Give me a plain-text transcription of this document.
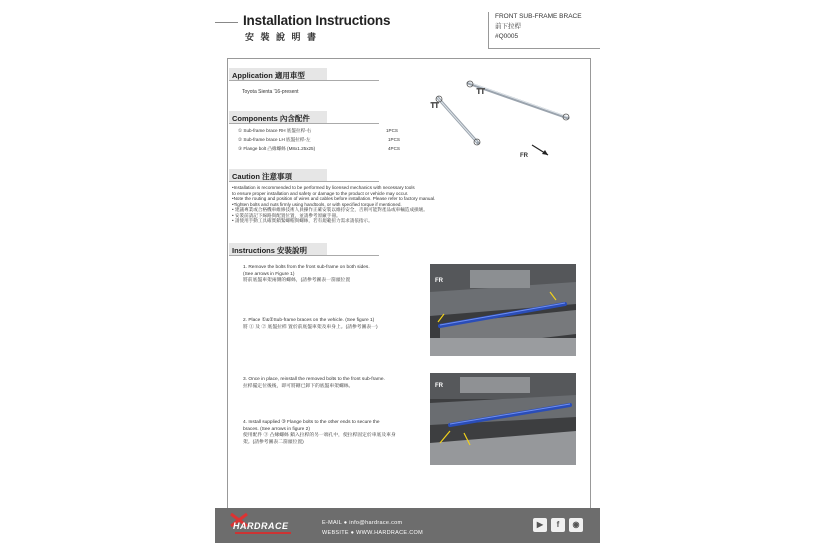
Installation Instructions
安 裝 說 明 書
FRONT SUB-FRAME BRACE
前下拉桿
#Q0005
Application 適用車型
Toyota Sienta '16-present
FR
Components 內含配件
① Sub-frame brace RH 底盤拉桿-右	1PCS
② Sub-frame brace LH 底盤拉桿-左	1PCS
③ Flange bolt 凸緣螺絲 (M8x1.25x25)	4PCS
Caution 注意事項
•Installation is recommended to be performed by licensed mechanics with necessary tools
to ensure proper installation and safety or damage to the product or vehicle may occur.
•Note the routing and position of wires and cables before installation. Please refer to factory manual.
•Tighten bolts and nuts firmly using handtools, or with specified torque if mentioned.
• 建議專業或合格機車維修技術人員操作正確安裝以維持安全，否則可能對產品或車輛造成損壞。
• 安裝前請記下線路與配置位置，並請參考原廠手冊。
• 請使用手動工具確實鎖緊螺帽與螺絲，若有規範扭力需求請依指示。
Instructions 安裝說明
1. Remove the bolts from the front sub-frame on both sides.
(See arrows in Figure 1)
將前底盤車架兩側的螺絲，(請參考圖表一箭頭位置
2. Place ①&②Sub-frame braces on the vehicle. (See figure 1)
將 ① 及 ② 底盤拉桿 置於前底盤車架及車身上。(請參考圖表一)
3. Once in place, reinstall the removed bolts to the front sub-frame.
拉桿擺定位後後，即可將剛已卸下的底盤車架螺絲。
4. Install supplied ③ Flange bolts to the other ends to secure the
braces. (See arrows in figure 2)
使用配件 ③ 凸緣螺絲 鎖入拉桿的另一端孔中，使拉桿固定於車底及車身
架。(請參考圖表二箭頭位置)
FR
FR
HARDRACE	E-MAIL ● info@hardrace.com
WEBSITE ● WWW.HARDRACE.COM
▶	f	◉
